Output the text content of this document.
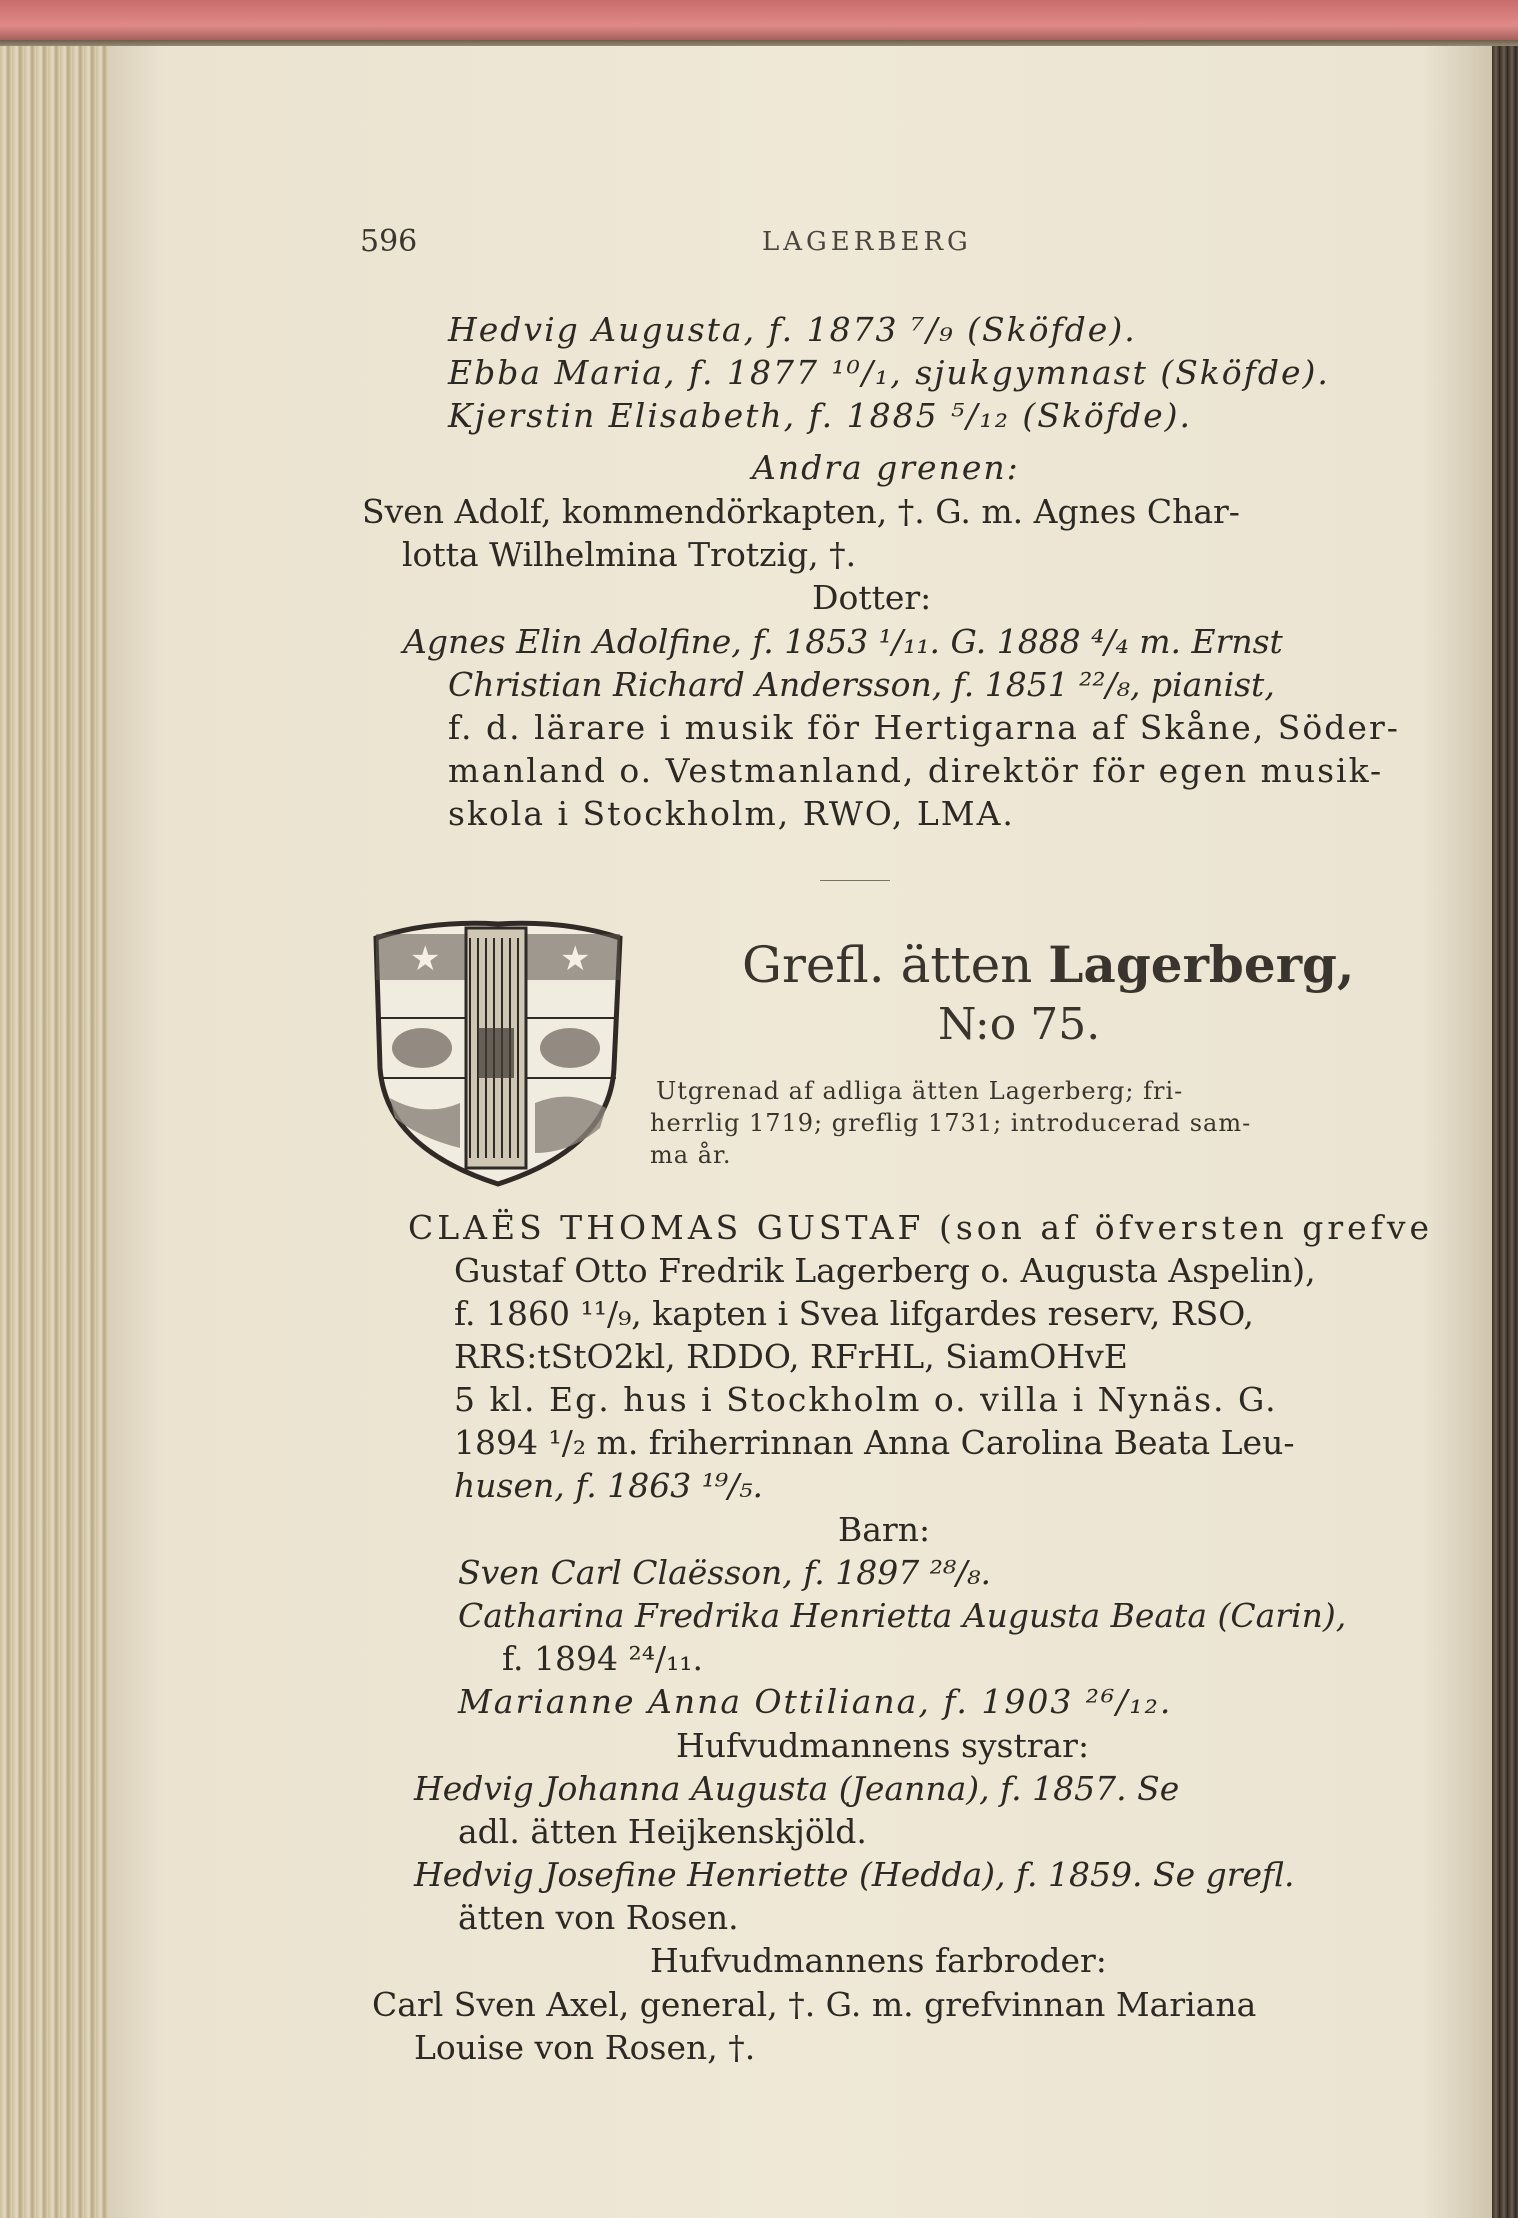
596	LAGERBERG
Hedvig Augusta, f. 1873 ⁷/₉ (Sköfde).
Ebba Maria, f. 1877 ¹⁰/₁, sjukgymnast (Sköfde).
Kjerstin Elisabeth, f. 1885 ⁵/₁₂ (Sköfde).
Andra grenen:
Sven Adolf, kommendörkapten, †. G. m. Agnes Char-
lotta Wilhelmina Trotzig, †.
Dotter:
Agnes Elin Adolfine, f. 1853 ¹/₁₁. G. 1888 ⁴/₄ m. Ernst
Christian Richard Andersson, f. 1851 ²²/₈, pianist,
f. d. lärare i musik för Hertigarna af Skåne, Söder-
manland o. Vestmanland, direktör för egen musik-
skola i Stockholm, RWO, LMA.
★	★	Grefl. ätten Lagerberg,
N:o 75.
Utgrenad af adliga ätten Lagerberg; fri-
herrlig 1719; greflig 1731; introducerad sam-
ma år.
CLAËS THOMAS GUSTAF (son af öfversten grefve
Gustaf Otto Fredrik Lagerberg o. Augusta Aspelin),
f. 1860 ¹¹/₉, kapten i Svea lifgardes reserv, RSO,
RRS:tStO2kl, RDDO, RFrHL, SiamOHvE
5 kl. Eg. hus i Stockholm o. villa i Nynäs. G.
1894 ¹/₂ m. friherrinnan Anna Carolina Beata Leu-
husen, f. 1863 ¹⁹/₅.
Barn:
Sven Carl Claësson, f. 1897 ²⁸/₈.
Catharina Fredrika Henrietta Augusta Beata (Carin),
f. 1894 ²⁴/₁₁.
Marianne Anna Ottiliana, f. 1903 ²⁶/₁₂.
Hufvudmannens systrar:
Hedvig Johanna Augusta (Jeanna), f. 1857. Se
adl. ätten Heijkenskjöld.
Hedvig Josefine Henriette (Hedda), f. 1859. Se grefl.
ätten von Rosen.
Hufvudmannens farbroder:
Carl Sven Axel, general, †. G. m. grefvinnan Mariana
Louise von Rosen, †.
